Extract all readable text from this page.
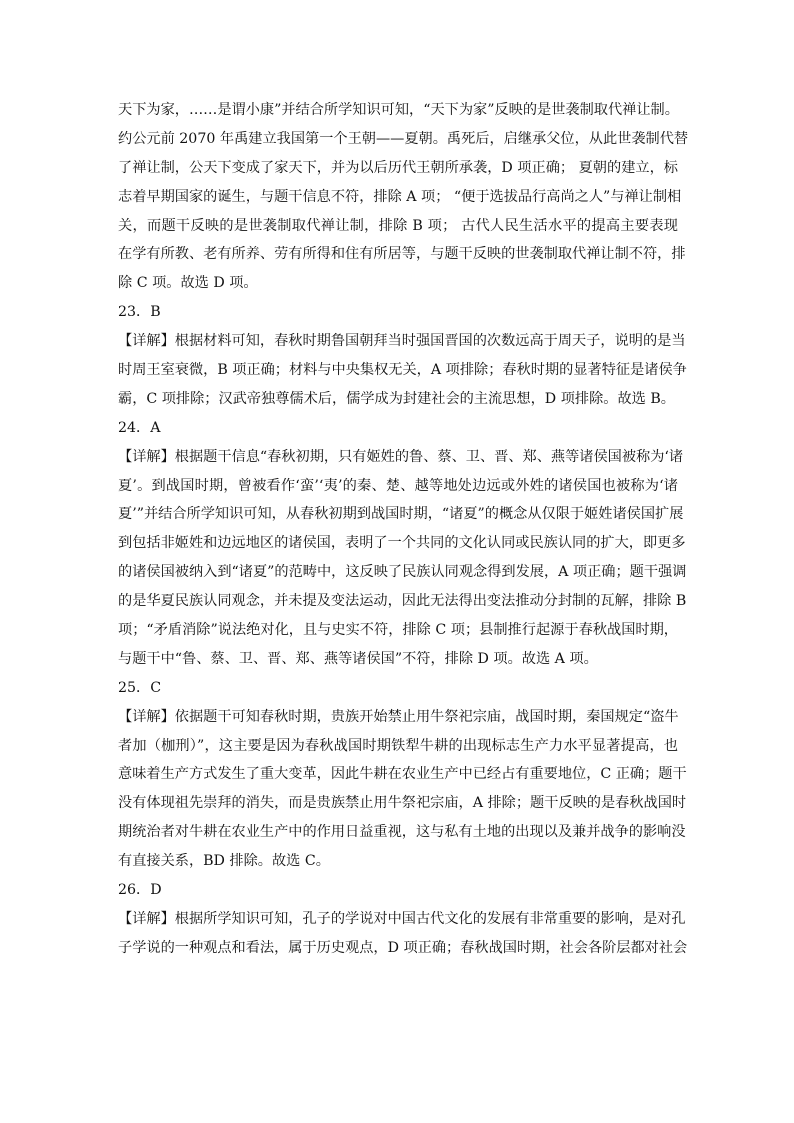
天下为家，……是谓小康”并结合所学知识可知，“天下为家”反映的是世袭制取代禅让制。
约公元前 2070 年禹建立我国第一个王朝——夏朝。禹死后，启继承父位，从此世袭制代替
了禅让制，公天下变成了家天下，并为以后历代王朝所承袭，D 项正确； 夏朝的建立，标
志着早期国家的诞生，与题干信息不符，排除 A 项； “便于选拔品行高尚之人”与禅让制相
关，而题干反映的是世袭制取代禅让制，排除 B 项； 古代人民生活水平的提高主要表现
在学有所教、老有所养、劳有所得和住有所居等，与题干反映的世袭制取代禅让制不符，排
除 C 项。故选 D 项。
23．B
【详解】根据材料可知，春秋时期鲁国朝拜当时强国晋国的次数远高于周天子，说明的是当
时周王室衰微，B 项正确；材料与中央集权无关，A 项排除；春秋时期的显著特征是诸侯争
霸，C 项排除；汉武帝独尊儒术后，儒学成为封建社会的主流思想，D 项排除。故选 B。
24．A
【详解】根据题干信息“春秋初期，只有姬姓的鲁、蔡、卫、晋、郑、燕等诸侯国被称为‘诸
夏’。到战国时期，曾被看作‘蛮’‘夷’的秦、楚、越等地处边远或外姓的诸侯国也被称为‘诸
夏’”并结合所学知识可知，从春秋初期到战国时期，“诸夏”的概念从仅限于姬姓诸侯国扩展
到包括非姬姓和边远地区的诸侯国，表明了一个共同的文化认同或民族认同的扩大，即更多
的诸侯国被纳入到“诸夏”的范畴中，这反映了民族认同观念得到发展，A 项正确；题干强调
的是华夏民族认同观念，并未提及变法运动，因此无法得出变法推动分封制的瓦解，排除 B
项；“矛盾消除”说法绝对化，且与史实不符，排除 C 项；县制推行起源于春秋战国时期，
与题干中“鲁、蔡、卫、晋、郑、燕等诸侯国”不符，排除 D 项。故选 A 项。
25．C
【详解】依据题干可知春秋时期，贵族开始禁止用牛祭祀宗庙，战国时期，秦国规定“盗牛
者加（枷刑）”，这主要是因为春秋战国时期铁犁牛耕的出现标志生产力水平显著提高，也
意味着生产方式发生了重大变革，因此牛耕在农业生产中已经占有重要地位，C 正确；题干
没有体现祖先崇拜的消失，而是贵族禁止用牛祭祀宗庙，A 排除；题干反映的是春秋战国时
期统治者对牛耕在农业生产中的作用日益重视，这与私有土地的出现以及兼并战争的影响没
有直接关系，BD 排除。故选 C。
26．D
【详解】根据所学知识可知，孔子的学说对中国古代文化的发展有非常重要的影响，是对孔
子学说的一种观点和看法，属于历史观点，D 项正确；春秋战国时期，社会各阶层都对社会
